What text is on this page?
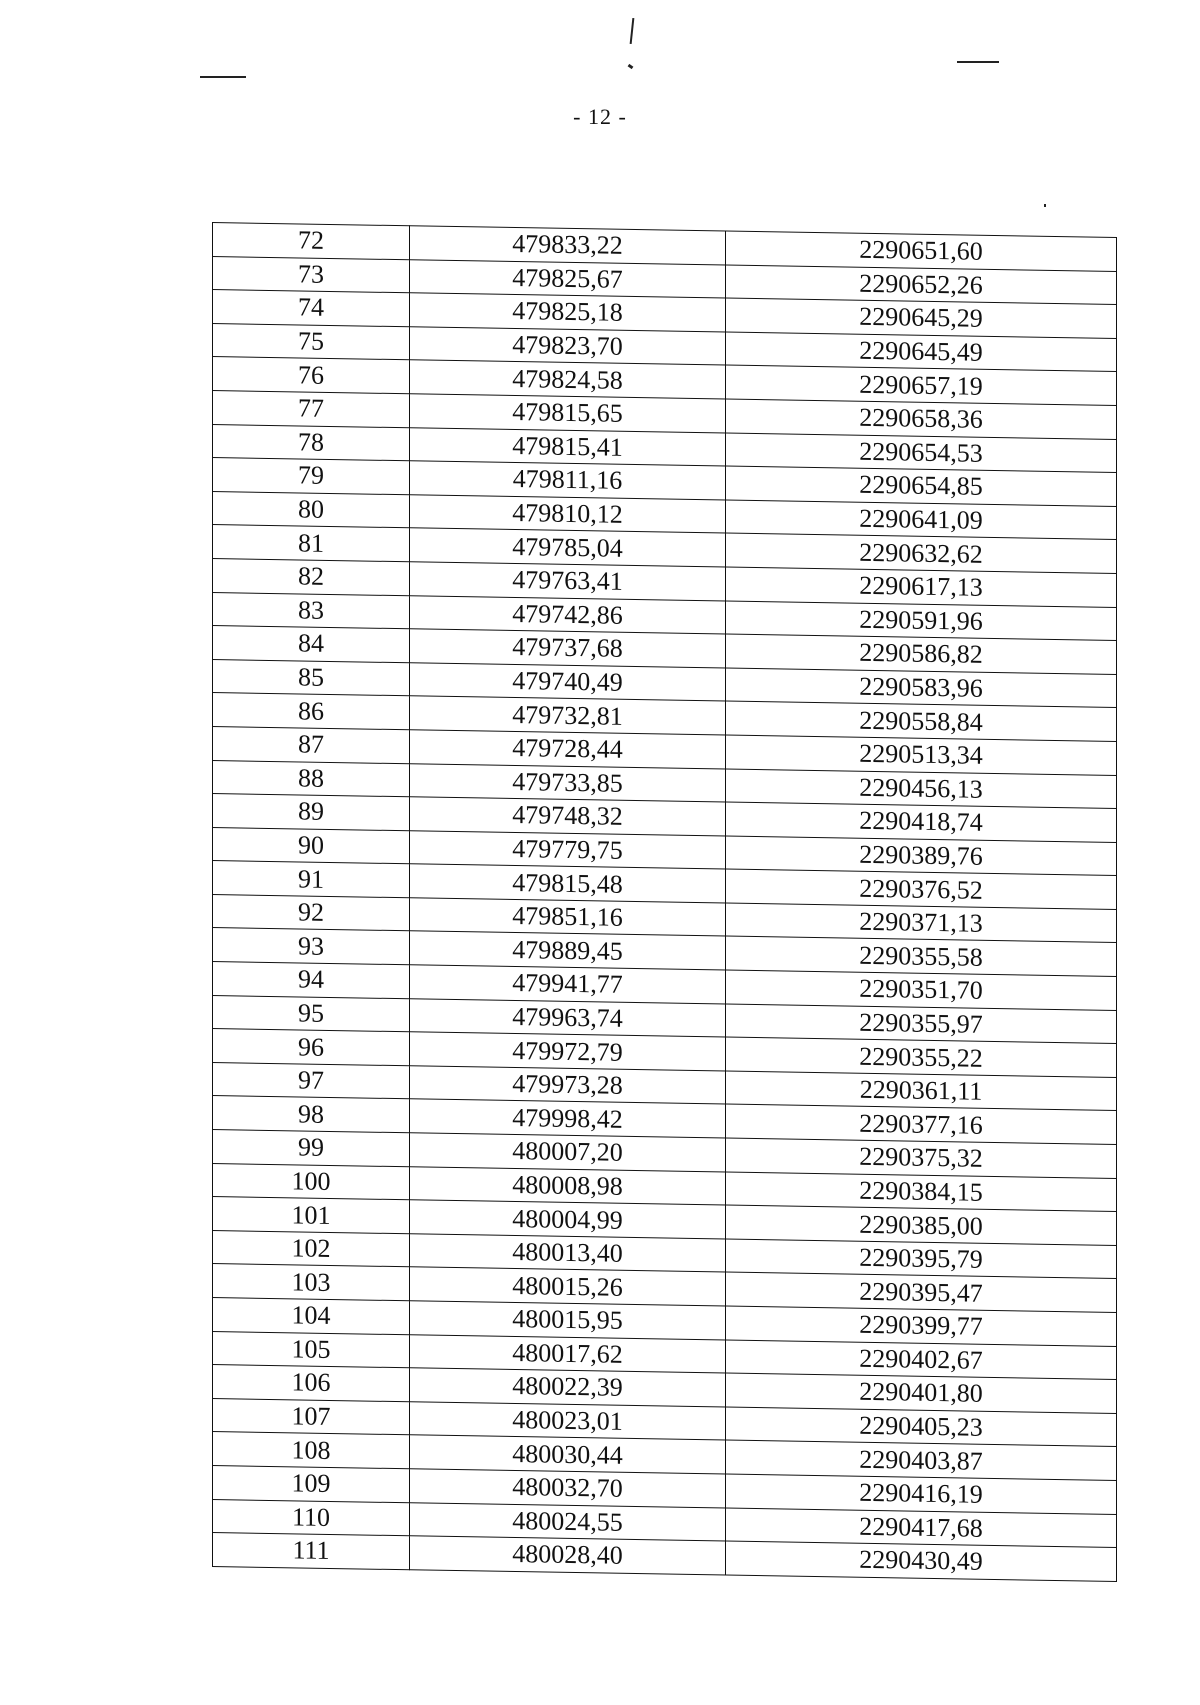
- 12 -
72	479833,22	2290651,60
73	479825,67	2290652,26
74	479825,18	2290645,29
75	479823,70	2290645,49
76	479824,58	2290657,19
77	479815,65	2290658,36
78	479815,41	2290654,53
79	479811,16	2290654,85
80	479810,12	2290641,09
81	479785,04	2290632,62
82	479763,41	2290617,13
83	479742,86	2290591,96
84	479737,68	2290586,82
85	479740,49	2290583,96
86	479732,81	2290558,84
87	479728,44	2290513,34
88	479733,85	2290456,13
89	479748,32	2290418,74
90	479779,75	2290389,76
91	479815,48	2290376,52
92	479851,16	2290371,13
93	479889,45	2290355,58
94	479941,77	2290351,70
95	479963,74	2290355,97
96	479972,79	2290355,22
97	479973,28	2290361,11
98	479998,42	2290377,16
99	480007,20	2290375,32
100	480008,98	2290384,15
101	480004,99	2290385,00
102	480013,40	2290395,79
103	480015,26	2290395,47
104	480015,95	2290399,77
105	480017,62	2290402,67
106	480022,39	2290401,80
107	480023,01	2290405,23
108	480030,44	2290403,87
109	480032,70	2290416,19
110	480024,55	2290417,68
111	480028,40	2290430,49
